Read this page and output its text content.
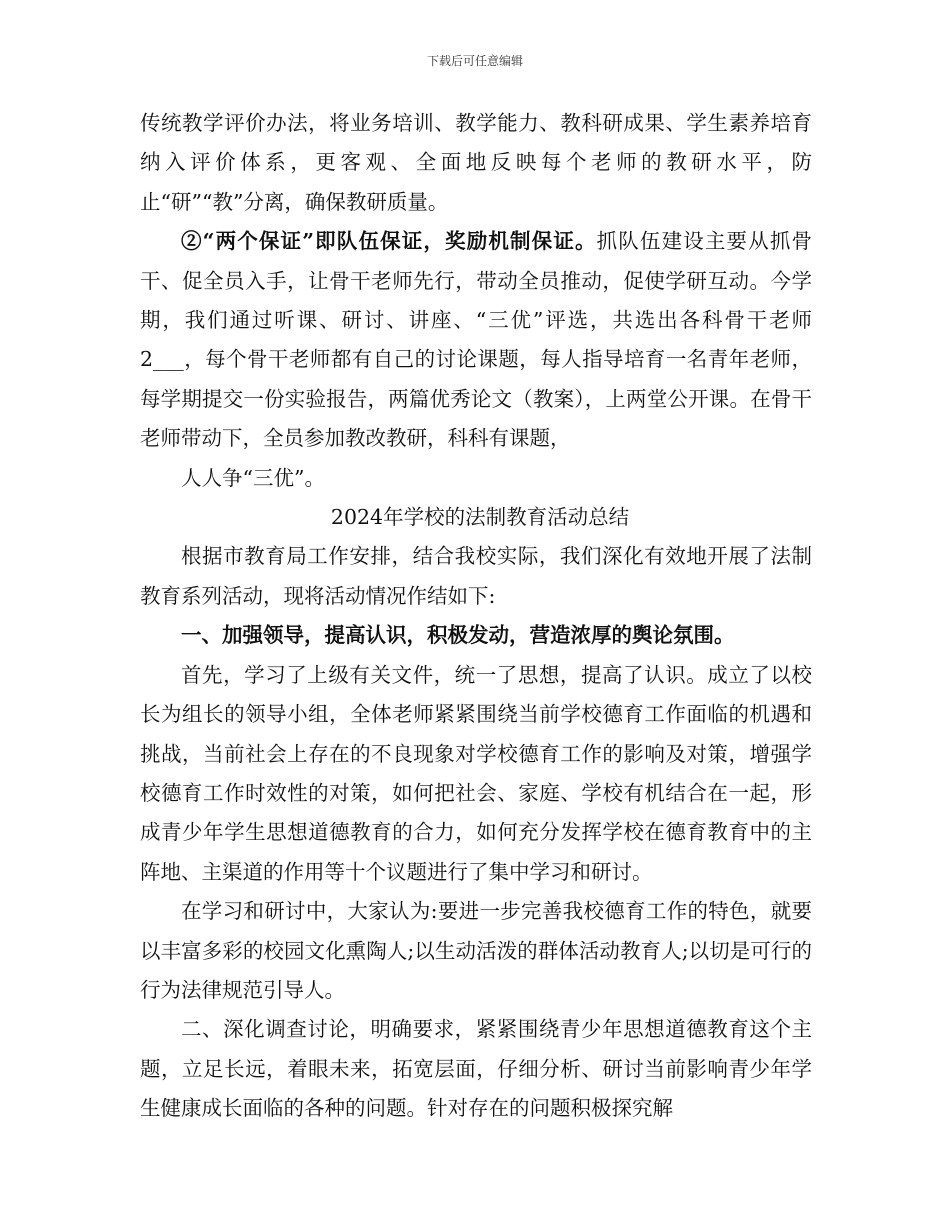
下载后可任意编辑

传统教学评价办法，将业务培训、教学能力、教科研成果、学生素养培育纳入评价体系，更客观、全面地反映每个老师的教研水平，防止“研”“教”分离，确保教研质量。

②“两个保证”即队伍保证，奖励机制保证。抓队伍建设主要从抓骨干、促全员入手，让骨干老师先行，带动全员推动，促使学研互动。今学期，我们通过听课、研讨、讲座、“三优”评选，共选出各科骨干老师2___，每个骨干老师都有自己的讨论课题，每人指导培育一名青年老师，每学期提交一份实验报告，两篇优秀论文（教案），上两堂公开课。在骨干老师带动下，全员参加教改教研，科科有课题，

人人争“三优”。

2024年学校的法制教育活动总结

根据市教育局工作安排，结合我校实际，我们深化有效地开展了法制教育系列活动，现将活动情况作结如下:

一、加强领导，提高认识，积极发动，营造浓厚的舆论氛围。

首先，学习了上级有关文件，统一了思想，提高了认识。成立了以校长为组长的领导小组，全体老师紧紧围绕当前学校德育工作面临的机遇和挑战，当前社会上存在的不良现象对学校德育工作的影响及对策，增强学校德育工作时效性的对策，如何把社会、家庭、学校有机结合在一起，形成青少年学生思想道德教育的合力，如何充分发挥学校在德育教育中的主阵地、主渠道的作用等十个议题进行了集中学习和研讨。

在学习和研讨中，大家认为:要进一步完善我校德育工作的特色，就要以丰富多彩的校园文化熏陶人;以生动活泼的群体活动教育人;以切是可行的行为法律规范引导人。

二、深化调查讨论，明确要求，紧紧围绕青少年思想道德教育这个主题，立足长远，着眼未来，拓宽层面，仔细分析、研讨当前影响青少年学生健康成长面临的各种的问题。针对存在的问题积极探究解
